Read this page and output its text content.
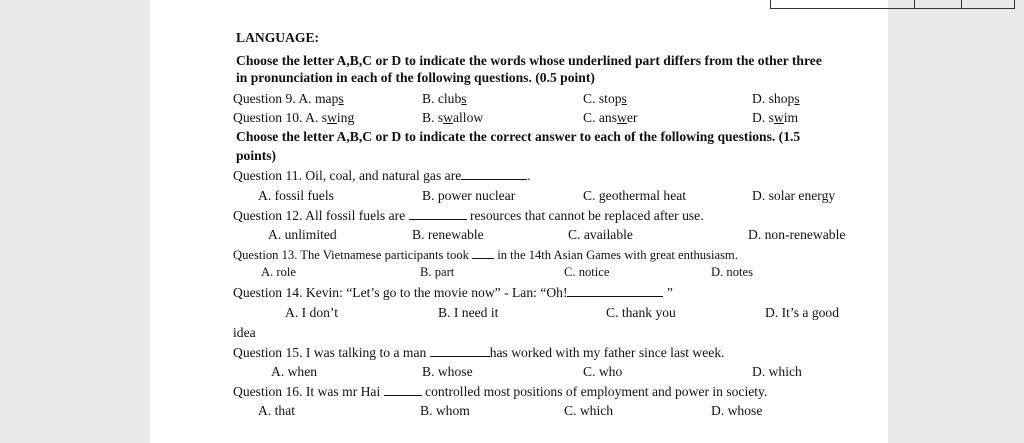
LANGUAGE:
Choose the letter A,B,C or D to indicate the words whose underlined part differs from the other three
in pronunciation in each of the following questions. (0.5 point)
Question 9. A. maps	B. clubs	C. stops	D. shops
Question 10. A. swing	B. swallow	C. answer	D. swim
Choose the letter A,B,C or D to indicate the correct answer to each of the following questions. (1.5
points)
Question 11. Oil, coal, and natural gas are	.
A. fossil fuels	B. power nuclear	C. geothermal heat	D. solar energy
Question 12. All fossil fuels are	resources that cannot be replaced after use.
A. unlimited	B. renewable	C. available	D. non-renewable
Question 13. The Vietnamese participants took in the 14th Asian Games with great enthusiasm.
A. role	B. part	C. notice	D. notes
Question 14. Kevin: “Let’s go to the movie now” - Lan: “Oh!	”
A. I don’t	B. I need it	C. thank you	D. It’s a good
idea
Question 15. I was talking to a man	has worked with my father since last week.
A. when	B. whose	C. who	D. which
Question 16. It was mr Hai	controlled most positions of employment and power in society.
A. that	B. whom	C. which	D. whose
